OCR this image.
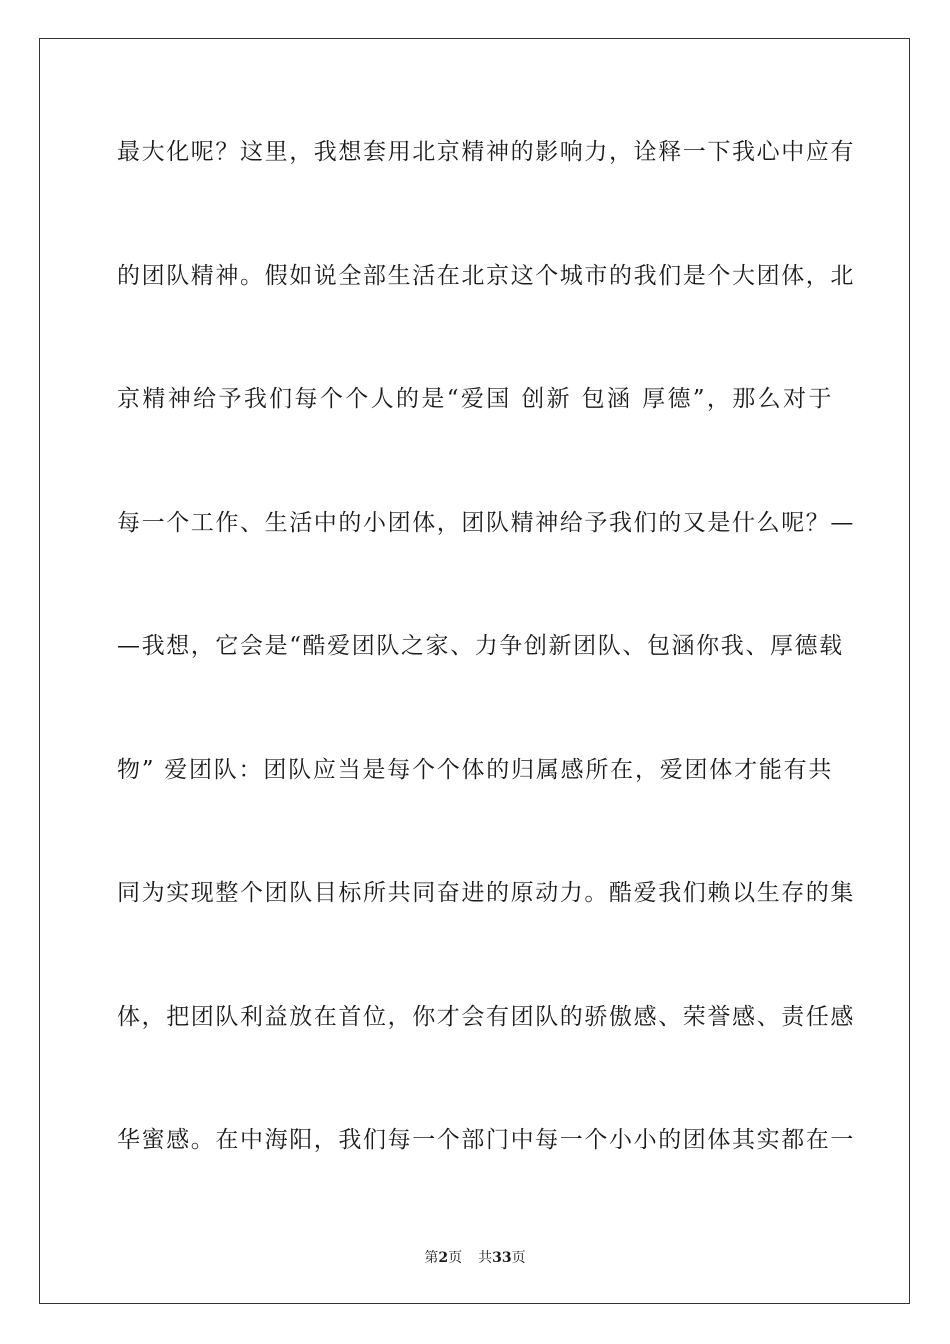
最大化呢？这里，我想套用北京精神的影响力，诠释一下我心中应有
的团队精神。假如说全部生活在北京这个城市的我们是个大团体，北
京精神给予我们每个个人的是“爱国 创新 包涵 厚德”，那么对于
每一个工作、生活中的小团体，团队精神给予我们的又是什么呢？—
—我想，它会是“酷爱团队之家、力争创新团队、包涵你我、厚德载
物” 爱团队：团队应当是每个个体的归属感所在，爱团体才能有共
同为实现整个团队目标所共同奋进的原动力。酷爱我们赖以生存的集
体，把团队利益放在首位，你才会有团队的骄傲感、荣誉感、责任感
华蜜感。在中海阳，我们每一个部门中每一个小小的团体其实都在一
第2页 共33页
